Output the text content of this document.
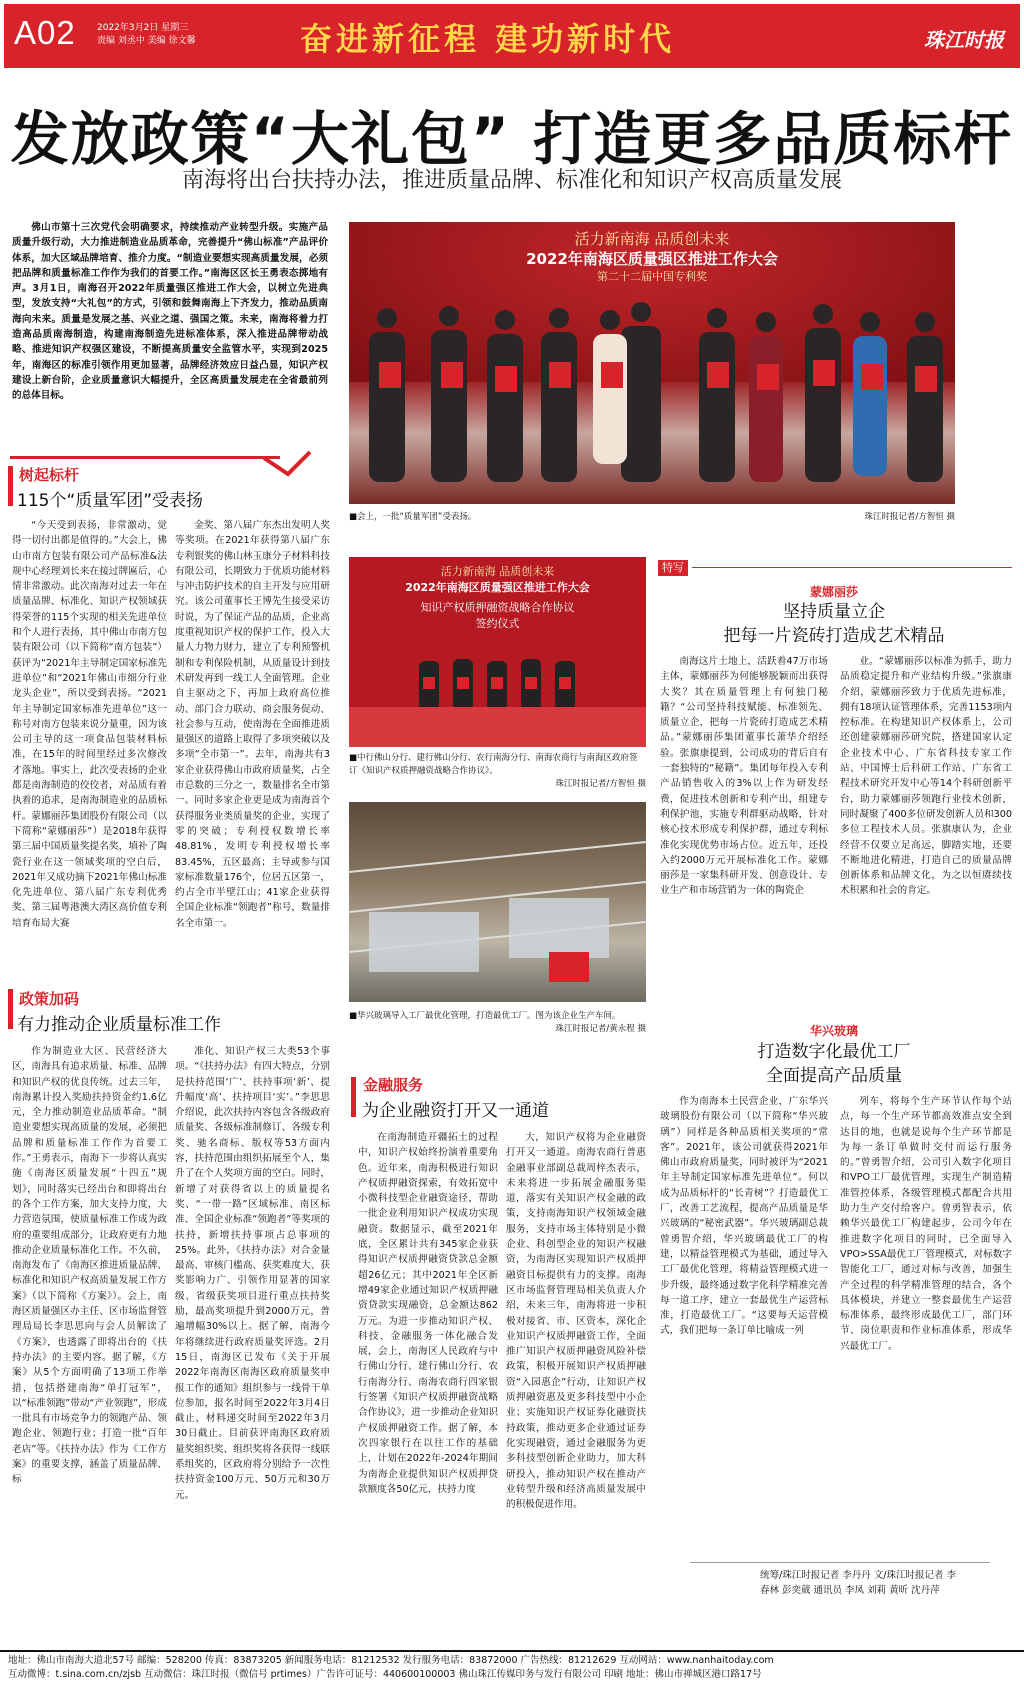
A02 2022年3月2日 星期三
责编 刘丞中 美编 徐文馨	奋进新征程 建功新时代	珠江时报
发放政策“大礼包” 打造更多品质标杆
南海将出台扶持办法，推进质量品牌、标准化和知识产权高质量发展

佛山市第十三次党代会明确要求，持续推动产业转型升级。实施产品质量升级行动，大力推进制造业品质革命，完善提升“佛山标准”产品评价体系，加大区域品牌培育、推介力度。“制造业要想实现高质量发展，必须把品牌和质量标准工作作为我们的首要工作。”南海区区长王勇表态掷地有声。3月1日，南海召开2022年质量强区推进工作大会，以树立先进典型，发放支持“大礼包”的方式，引领和鼓舞南海上下齐发力，推动品质南海向未来。质量是发展之基、兴业之道、强国之策。未来，南海将着力打造高品质南海制造，构建南海制造先进标准体系，深入推进品牌带动战略、推进知识产权强区建设，不断提高质量安全监管水平，实现到2025年，南海区的标准引领作用更加显著，品牌经济效应日益凸显，知识产权建设上新台阶，企业质量意识大幅提升，全区高质量发展走在全省最前列的总体目标。

活力新南海 品质创未来
2022年南海区质量强区推进工作大会
第二十二届中国专利奖
■会上，一批“质量军团”受表扬。	珠江时报记者/方智恒 摄
树起标杆
115个“质量军团”受表扬

“今天受到表扬，非常激动，觉得一切付出都是值得的。”大会上，佛山市南方包装有限公司产品标准&法规中心经理刘长来在接过牌匾后，心情非常激动。此次南海对过去一年在质量品牌、标准化、知识产权领域获得荣誉的115个实现的相关先进单位和个人进行表扬，其中佛山市南方包装有限公司（以下简称“南方包装”）获评为“2021年主导制定国家标准先进单位”和“2021年佛山市细分行业龙头企业”，所以受到表扬。“2021年主导制定国家标准先进单位”这一称号对南方包装来说分量重，因为该公司主导的这一项食品包装材料标准，在15年的时间里经过多次修改才落地。事实上，此次受表扬的企业都是南海制造的佼佼者，对品质有着执着的追求，是南海制造业的品质标杆。蒙娜丽莎集团股份有限公司（以下简称“蒙娜丽莎”）是2018年获得第三届中国质量奖提名奖，填补了陶瓷行业在这一领域奖项的空白后，2021年又成功摘下2021年佛山标准化先进单位、第八届广东专利优秀奖、第三届粤港澳大湾区高价值专利培育布局大赛

金奖、第八届广东杰出发明人奖等奖项。在2021年获得第八届广东专利银奖的佛山林玉康分子材料科技有限公司，长期致力于优质功能材料与冲击防护技术的自主开发与应用研究。该公司董事长王博先生接受采访时说，为了保证产品的品质，企业高度重视知识产权的保护工作，投入大量人力物力财力，建立了专利预警机制和专利保险机制，从质量设计到技术研发再到一线工人全面管理。企业自主驱动之下，再加上政府高位推动、部门合力联动、商会服务促动、社会参与互动，使南海在全面推进质量强区的道路上取得了多项突破以及多项“全市第一”。去年，南海共有3家企业获得佛山市政府质量奖，占全市总数的三分之一，数量排名全市第一。同时多家企业更是成为南海首个获得服务业类质量奖的企业，实现了零的突破；专利授权数增长率48.81%，发明专利授权增长率83.45%，五区最高；主导或参与国家标准数量176个，位居五区第一，约占全市半壁江山；41家企业获得全国企业标准“领跑者”称号，数量排名全市第一。

政策加码
有力推动企业质量标准工作

作为制造业大区、民营经济大区，南海具有追求质量、标准、品牌和知识产权的优良传统。过去三年，南海累计投入奖励扶持资金约1.6亿元，全力推动制造业品质革命。“制造业要想实现高质量的发展，必须把品牌和质量标准工作作为首要工作。”王勇表示，南海下一步将认真实施《南海区质量发展“十四五”规划》，同时落实已经出台和即将出台的各个工作方案，加大支持力度，大力营造氛围，使质量标准工作成为政府的重要组成部分，让政府更有力地推动企业质量标准化工作。不久前，南海发布了《南海区推进质量品牌、标准化和知识产权高质量发展工作方案》（以下简称《方案》）。会上，南海区质量强区办主任、区市场监督管理局局长李思思向与会人员解读了《方案》，也透露了即将出台的《扶持办法》的主要内容。据了解，《方案》从5个方面明确了13项工作举措，包括搭建南海“单打冠军”，以“标准领跑”带动“产业领跑”，形成一批具有市场竞争力的领跑产品、领跑企业、领跑行业；打造一批“百年老店”等。《扶持办法》作为《工作方案》的重要支撑，涵盖了质量品牌、标

准化、知识产权三大类53个事项。“《扶持办法》有四大特点，分别是扶持范围‘广’、扶持事项‘新’、提升幅度‘高’、扶持项目‘实’。”李思思介绍说，此次扶持内容包含各级政府质量奖、各级标准制修订、各级专利奖、驰名商标、版权等53方面内容，扶持范围由组织拓展至个人，集升了在个人奖项方面的空白。同时，新增了对获得省以上的质量提名奖、“一带一路”区域标准、南区标准、全国企业标准“领跑者”等奖项的扶持，新增扶持事项占总事项的25%。此外，《扶持办法》对合金量最高、审核门槛高、获奖难度大、获奖影响力广、引领作用显著的国家级、省级获奖项目进行重点扶持奖励，最高奖项提升到2000万元，普遍增幅30%以上。据了解，南海今年将继续进行政府质量奖评选。2月15日，南海区已发布《关于开展2022年南海区南海区政府质量奖申报工作的通知》组织参与一线骨干单位参加，报名时间至2022年3月4日截止，材料递交时间至2022年3月30日截止。目前获评南海区政府质量奖组织奖、组织奖将各获得一线联系组奖的，区政府将分别给予一次性扶持资金100万元、50万元和30万元。

活力新南海 品质创未来
2022年南海区质量强区推进工作大会
知识产权质押融资战略合作协议
签约仪式
■中行佛山分行、建行佛山分行、农行南海分行、南海农商行与南海区政府签订《知识产权质押融资战略合作协议》。
珠江时报记者/方智恒 摄
■华兴玻璃导入工厂最优化管理，打造最优工厂。图为该企业生产车间。
珠江时报记者/黄永程 摄
金融服务
为企业融资打开又一通道

在南海制造开疆拓土的过程中，知识产权始终扮演着重要角色。近年来，南海积极进行知识产权质押融资探索，有效拓宽中小微科技型企业融资途径，帮助一批企业利用知识产权成功实现融资。数据显示，截至2021年底，全区累计共有345家企业获得知识产权质押融资贷款总金额超26亿元；其中2021年全区新增49家企业通过知识产权质押融资贷款实现融资，总金额达862万元。为进一步推动知识产权、科技、金融服务一体化融合发展，会上，南海区人民政府与中行佛山分行、建行佛山分行、农行南海分行、南海农商行四家银行签署《知识产权质押融资战略合作协议》，进一步推动企业知识产权质押融资工作。据了解，本次四家银行在以往工作的基础上，计划在2022年-2024年期间为南海企业提供知识产权质押贷款额度各50亿元，扶持力度

大，知识产权将为企业融资打开又一通道。南海农商行普惠金融事业部副总裁周梓杰表示，未来将进一步拓展金融服务渠道，落实有关知识产权金融的政策，支持南海知识产权领域金融服务，支持市场主体特别是小微企业、科创型企业的知识产权融资，为南海区实现知识产权质押融资目标提供有力的支撑。南海区市场监督管理局相关负责人介绍，未来三年，南海将进一步积极对接省、市、区资本，深化企业知识产权质押融资工作，全面推广知识产权质押融资风险补偿政策，积极开展知识产权质押融资“入园惠企”行动，让知识产权质押融资惠及更多科技型中小企业；实施知识产权证券化融资扶持政策，推动更多企业通过证券化实现融资，通过金融服务为更多科技型创新企业助力，加大科研投入，推动知识产权在推动产业转型升级和经济高质量发展中的积极促进作用。

特写
蒙娜丽莎
坚持质量立企
把每一片瓷砖打造成艺术精品

南海这片土地上，活跃着47万市场主体，蒙娜丽莎为何能够脱颖而出获得大奖？其在质量管理上有何独门秘籍？“公司坚持科技赋能、标准领先、质量立企，把每一片瓷砖打造成艺术精品。”蒙娜丽莎集团董事长萧华介绍经验。张旗康提到，公司成功的背后自有一套独特的“秘籍”。集团每年投入专利产品销售收入的3%以上作为研发经费，促进技术创新和专利产出，组建专利保护池，实施专利群驱动战略，针对核心技术形成专利保护群，通过专利标准化实现优势市场占位。近五年，还投入约2000万元开展标准化工作。蒙娜丽莎是一家集科研开发、创意设计、专业生产和市场营销为一体的陶瓷企

业。“蒙娜丽莎以标准为抓手，助力品质稳定提升和产业结构升级。”张旗康介绍，蒙娜丽莎致力于优质先进标准，拥有18项认证管理体系，完善1153项内控标准。在构建知识产权体系上，公司还创建蒙娜丽莎研究院，搭建国家认定企业技术中心、广东省科技专家工作站、中国博士后科研工作站、广东省工程技术研究开发中心等14个科研创新平台，助力蒙娜丽莎领跑行业技术创新，同时凝聚了400多位研发创新人员和300多位工程技术人员。张旗康认为，企业经营不仅要立足高远，脚踏实地，还要不断地进化精进，打造自己的质量品牌创新体系和品牌文化，为之以恒赓续技术积累和社会的肯定。

华兴玻璃
打造数字化最优工厂
全面提高产品质量

作为南海本土民营企业，广东华兴玻璃股份有限公司（以下简称“华兴玻璃”）同样是各种品质相关奖项的“常客”。2021年，该公司就获得2021年佛山市政府质量奖，同时被评为“2021年主导制定国家标准先进单位”。何以成为品质标杆的“长青树”？打造最优工厂，改善工艺流程，提高产品质量是华兴玻璃的“秘密武器”。华兴玻璃副总裁曾勇智介绍，华兴玻璃最优工厂的构建，以精益管理模式为基础，通过导入工厂最优化管理，将精益管理模式进一步升级，最终通过数字化科学精准完善每一道工序，建立一套最优生产运营标准，打造最优工厂。“这要每天运营模式，我们把每一条订单比喻成一列

列车，将每个生产环节认作每个站点，每一个生产环节都高效准点安全到达目的地，也就是说每个生产环节都是为每一条订单做时交付而运行服务的。”曾勇智介绍，公司引入数字化项目和VPO工厂最优管理，实现生产制造精准管控体系，各级管理模式都配合共用助力生产交付给客户。曾勇智表示，依赖华兴最优工厂构建起步，公司今年在推进数字化项目的同时，已全面导入VPO>SSA最优工厂管理模式，对标数字智能化工厂，通过对标与改善，加强生产全过程的科学精准管理的结合，各个具体模块，并建立一整套最优生产运营标准体系，最终形成最优工厂，部门环节、岗位职责和作业标准体系，形成华兴最优工厂。

统筹/珠江时报记者 李丹丹 文/珠江时报记者 李春林 彭奕葳 通讯员 李凤 刘莉 黄昕 沈丹萍
地址：佛山市南海大道北57号 邮编：528200 传真：83873205 新闻服务电话：81212532 发行服务电话：83872000 广告热线：81212629 互动网站：www.nanhaitoday.com
互动微博：t.sina.com.cn/zjsb 互动微信：珠江时报（微信号 prtimes）广告许可证号：440600100003 佛山珠江传媒印务与发行有限公司 印刷 地址：佛山市禅城区港口路17号
